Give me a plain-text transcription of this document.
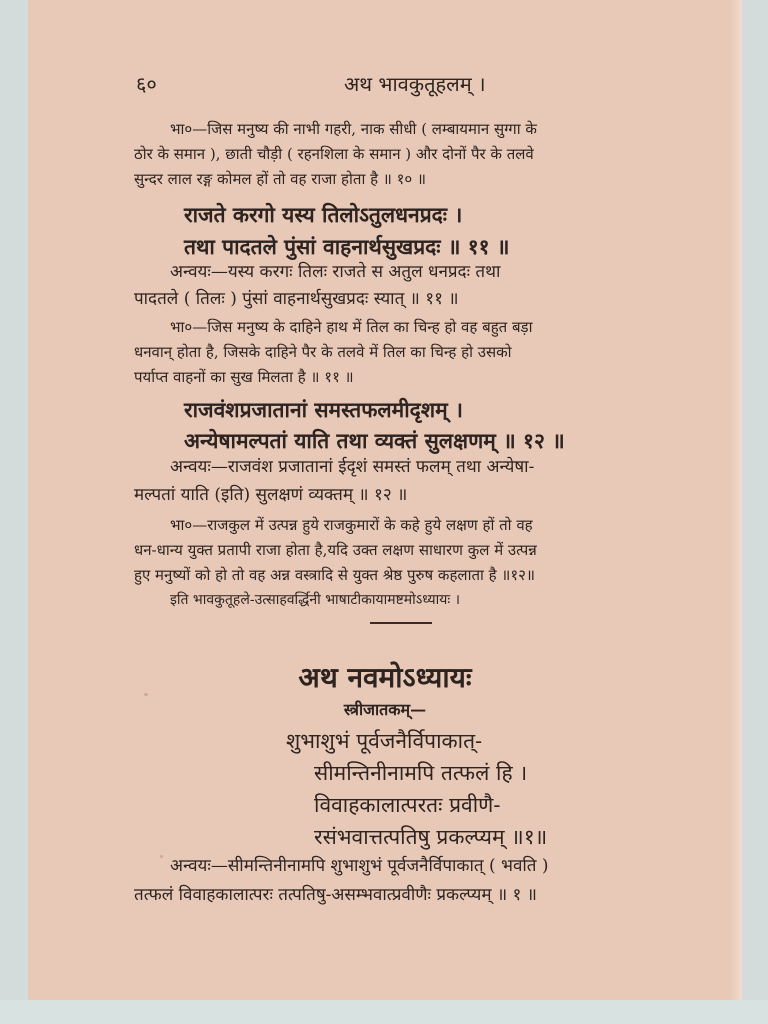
६०	अथ भावकुतूहलम् ।
भा०—जिस मनुष्य की नाभी गहरी, नाक सीधी ( लम्बायमान सुग्गा के
ठोर के समान ), छाती चौड़ी ( रहनशिला के समान ) और दोनों पैर के तलवे
सुन्दर लाल रङ्ग कोमल हों तो वह राजा होता है ॥ १० ॥
राजते करगो यस्य तिलोऽतुलधनप्रदः ।
तथा पादतले पुंसां वाहनार्थसुखप्रदः ॥ ११ ॥
अन्वयः—यस्य करगः तिलः राजते स अतुल धनप्रदः तथा
पादतले ( तिलः ) पुंसां वाहनार्थसुखप्रदः स्यात् ॥ ११ ॥
भा०—जिस मनुष्य के दाहिने हाथ में तिल का चिन्ह हो वह बहुत बड़ा
धनवान् होता है, जिसके दाहिने पैर के तलवे में तिल का चिन्ह हो उसको
पर्याप्त वाहनों का सुख मिलता है ॥ ११ ॥
राजवंशप्रजातानां समस्तफलमीदृशम् ।
अन्येषामल्पतां याति तथा व्यक्तं सुलक्षणम् ॥ १२ ॥
अन्वयः—राजवंश प्रजातानां ईदृशं समस्तं फलम् तथा अन्येषा-
मल्पतां याति (इति) सुलक्षणं व्यक्तम् ॥ १२ ॥
भा०—राजकुल में उत्पन्न हुये राजकुमारों के कहे हुये लक्षण हों तो वह
धन-धान्य युक्त प्रतापी राजा होता है,यदि उक्त लक्षण साधारण कुल में उत्पन्न
हुए मनुष्यों को हो तो वह अन्न वस्त्रादि से युक्त श्रेष्ठ पुरुष कहलाता है ॥१२॥
इति भावकुतूहले-उत्साहवर्द्धिनी भाषाटीकायामष्टमोऽध्यायः ।
अथ नवमोऽध्यायः
स्त्रीजातकम्—
शुभाशुभं पूर्वजनैर्विपाकात्-
सीमन्तिनीनामपि तत्फलं हि ।
विवाहकालात्परतः प्रवीणै-
रसंभवात्तत्पतिषु प्रकल्प्यम् ॥१॥
अन्वयः—सीमन्तिनीनामपि शुभाशुभं पूर्वजनैर्विपाकात् ( भवति )
तत्फलं विवाहकालात्परः तत्पतिषु-असम्भवात्प्रवीणैः प्रकल्प्यम् ॥ १ ॥
